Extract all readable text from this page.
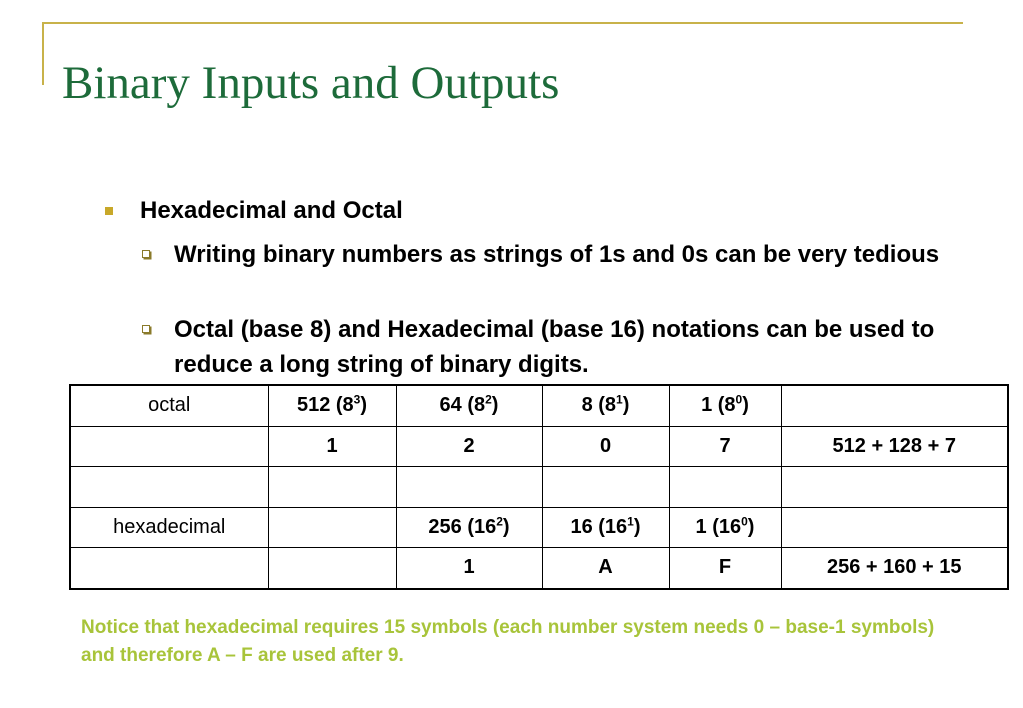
Binary Inputs and Outputs
Hexadecimal and Octal
Writing binary numbers as strings of 1s and 0s can be very tedious
Octal (base 8) and Hexadecimal (base 16) notations can be used to reduce a long string of binary digits.
octal	512 $(8^3)$	64 $(8^2)$	8 $(8^1)$	1 $(8^0)$	
	1	2	0	7	512 + 128 + 7

hexadecimal		256 $(16^2)$	16 $(16^1)$	1 $(16^0)$	
		1	A	F	256 + 160 + 15
Notice that hexadecimal requires 15 symbols (each number system needs 0 – base-1 symbols) and therefore A – F are used after 9.
